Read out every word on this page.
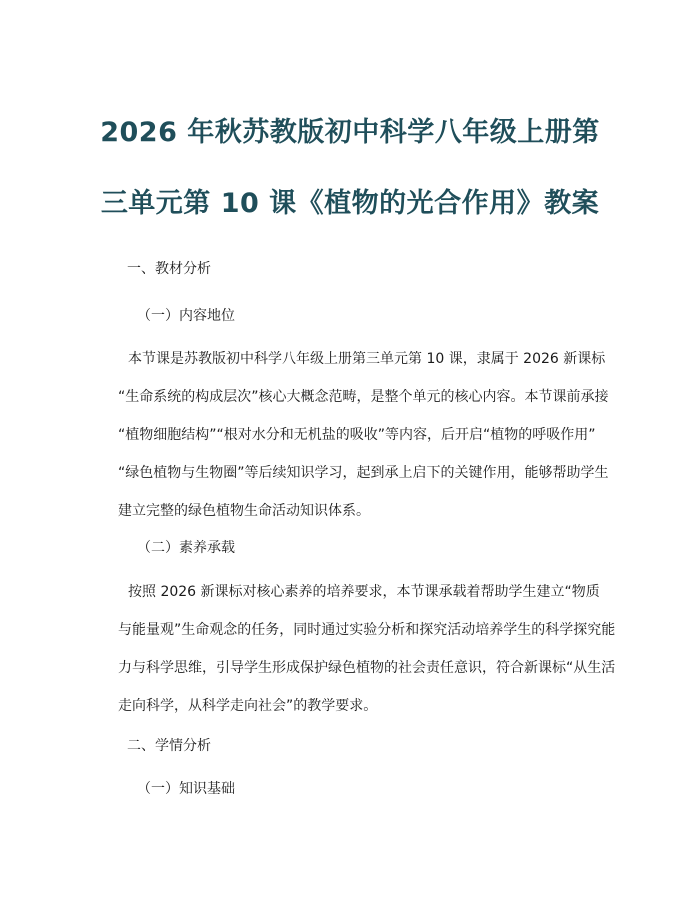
2026 年秋苏教版初中科学八年级上册第
三单元第 10 课《植物的光合作用》教案
一、教材分析
（一）内容地位
本节课是苏教版初中科学八年级上册第三单元第 10 课，隶属于 2026 新课标
“生命系统的构成层次”核心大概念范畴，是整个单元的核心内容。本节课前承接
“植物细胞结构”“根对水分和无机盐的吸收”等内容，后开启“植物的呼吸作用”
“绿色植物与生物圈”等后续知识学习，起到承上启下的关键作用，能够帮助学生
建立完整的绿色植物生命活动知识体系。
（二）素养承载
按照 2026 新课标对核心素养的培养要求，本节课承载着帮助学生建立“物质
与能量观”生命观念的任务，同时通过实验分析和探究活动培养学生的科学探究能
力与科学思维，引导学生形成保护绿色植物的社会责任意识，符合新课标“从生活
走向科学，从科学走向社会”的教学要求。
二、学情分析
（一）知识基础
